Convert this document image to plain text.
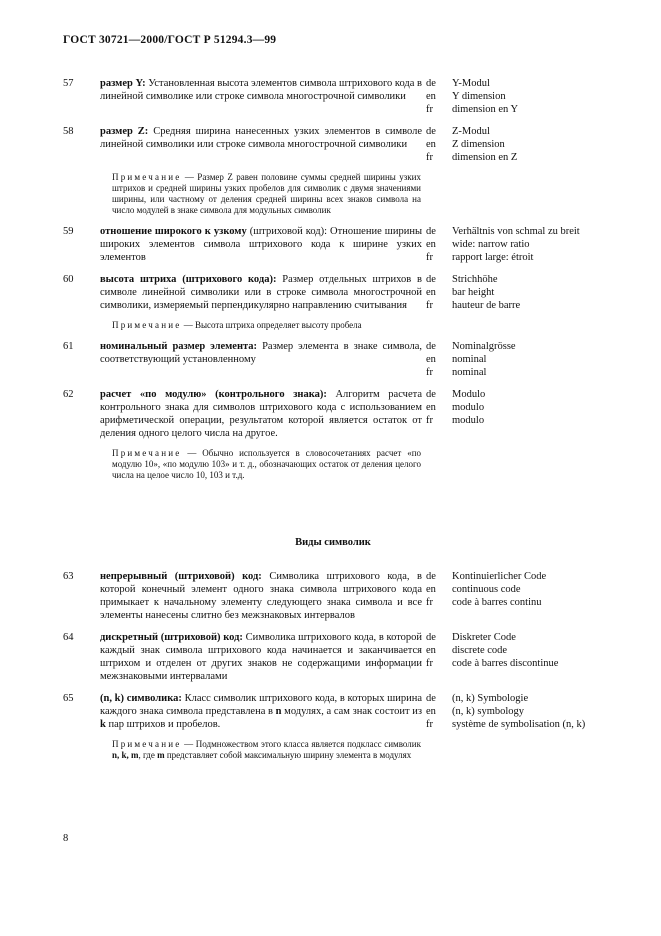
ГОСТ 30721—2000/ГОСТ Р 51294.3—99
57	размер Y: Установленная высота элементов символа штрихового кода в линейной символике или строке символа многострочной символики
de	Y-Modul
en	Y dimension
fr	dimension en Y
58	размер Z: Средняя ширина нанесенных узких элементов в символе линейной символики или строке символа многострочной символики
de	Z-Modul
en	Z dimension
fr	dimension en Z
Примечание — Размер Z равен половине суммы средней ширины узких штрихов и средней ширины узких пробелов для символик с двумя значениями ширины, или частному от деления средней ширины всех знаков символа на число модулей в знаке символа для модульных символик
59	отношение широкого к узкому (штриховой код): Отношение ширины широких элементов символа штрихового кода к ширине узких элементов
de	Verhältnis von schmal zu breit
en	wide: narrow ratio
fr	rapport large: étroit
60	высота штриха (штрихового кода): Размер отдельных штрихов в символе линейной символики или в строке символа многострочной символики, измеряемый перпендикулярно направлению считывания
de	Strichhöhe
en	bar height
fr	hauteur de barre
Примечание — Высота штриха определяет высоту пробела
61	номинальный размер элемента: Размер элемента в знаке символа, соответствующий установленному
de	Nominalgrösse
en	nominal
fr	nominal
62	расчет «по модулю» (контрольного знака): Алгоритм расчета контрольного знака для символов штрихового кода с использованием арифметической операции, результатом которой является остаток от деления одного целого числа на другое.
de	Modulo
en	modulo
fr	modulo
Примечание — Обычно используется в словосочетаниях расчет «по модулю 10», «по модулю 103» и т. д., обозначающих остаток от деления целого числа на целое число 10, 103 и т.д.
Виды символик
63	непрерывный (штриховой) код: Символика штрихового кода, в которой конечный элемент одного знака символа штрихового кода примыкает к начальному элементу следующего знака символа и все элементы нанесены слитно без межзнаковых интервалов
de	Kontinuierlicher Code
en	continuous code
fr	code à barres continu
64	дискретный (штриховой) код: Символика штрихового кода, в которой каждый знак символа штрихового кода начинается и заканчивается штрихом и отделен от других знаков не содержащими информации межзнаковыми интервалами
de	Diskreter Code
en	discrete code
fr	code à barres discontinue
65	(n, k) символика: Класс символик штрихового кода, в которых ширина каждого знака символа представлена в n модулях, а сам знак состоит из k пар штрихов и пробелов.
de	(n, k) Symbologie
en	(n, k) symbology
fr	système de symbolisation (n, k)
Примечание — Подмножеством этого класса является подкласс символик n, k, m, где m представляет собой максимальную ширину элемента в модулях
8
